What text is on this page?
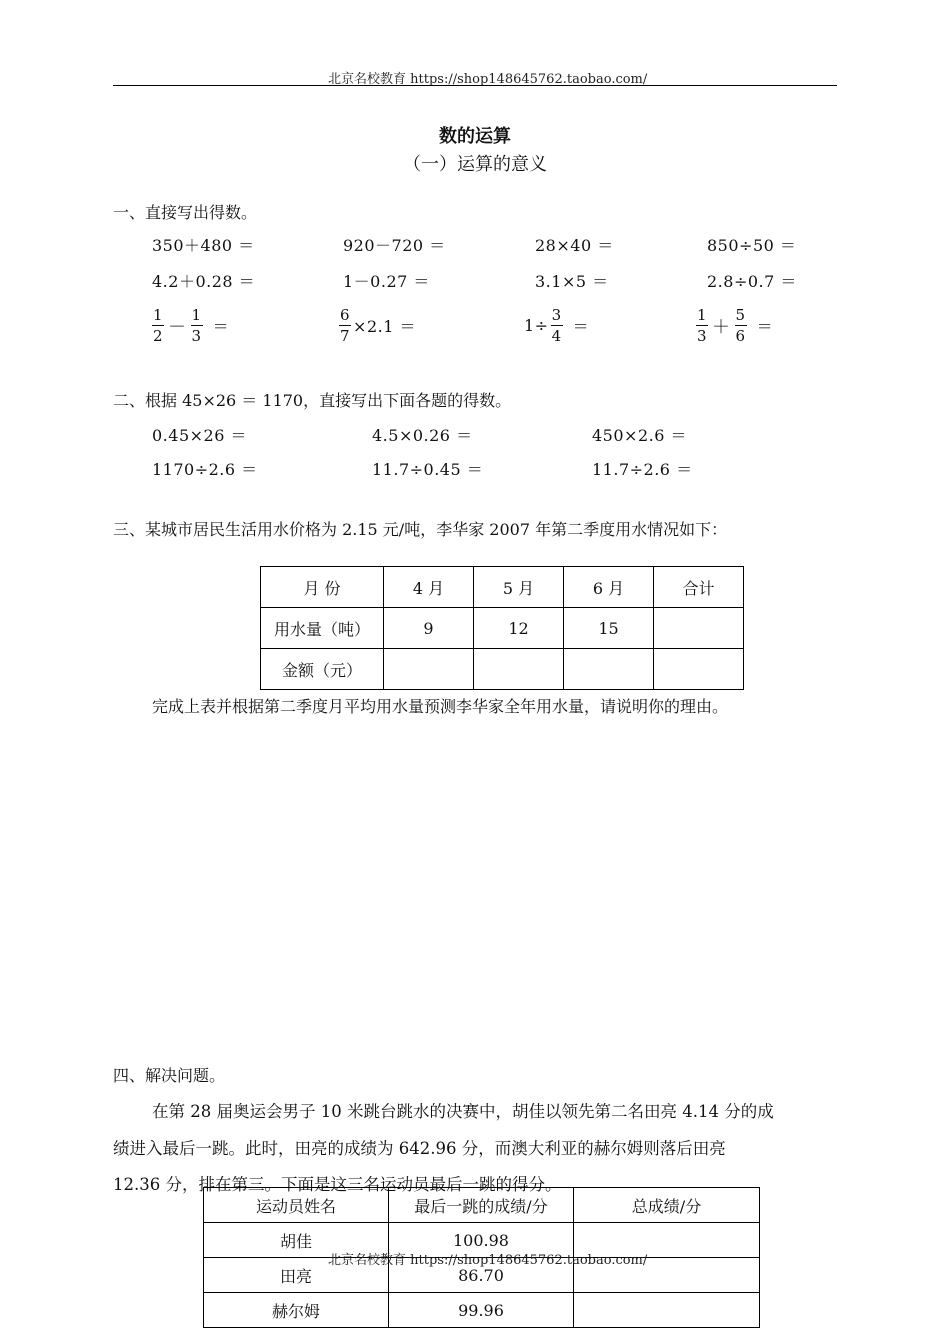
北京名校教育 https://shop148645762.taobao.com/
数的运算
（一）运算的意义
一、直接写出得数。
350＋480 ＝	920－720 ＝	28×40 ＝	850÷50 ＝
4.2＋0.28 ＝	1－0.27 ＝	3.1×5 ＝	2.8÷0.7 ＝
$\frac{1}{2} - \frac{1}{3}$ ＝	$\frac{6}{7} \times 2.1$ ＝	$1\div \frac{3}{4}$ ＝	$\frac{1}{3} + \frac{5}{6}$ ＝
二、根据 45×26 ＝ 1170，直接写出下面各题的得数。
0.45×26 ＝	4.5×0.26 ＝	450×2.6 ＝
1170÷2.6 ＝	11.7÷0.45 ＝	11.7÷2.6 ＝
三、某城市居民生活用水价格为 2.15 元/吨，李华家 2007 年第二季度用水情况如下：
月 份	4 月	5 月	6 月	合计
用水量（吨）	9	12	15	
金额（元）				
完成上表并根据第二季度月平均用水量预测李华家全年用水量，请说明你的理由。
四、解决问题。
在第 28 届奥运会男子 10 米跳台跳水的决赛中，胡佳以领先第二名田亮 4.14 分的成
绩进入最后一跳。此时，田亮的成绩为 642.96 分，而澳大利亚的赫尔姆则落后田亮
12.36 分，排在第三。下面是这三名运动员最后一跳的得分。
运动员姓名	最后一跳的成绩/分	总成绩/分
胡佳	100.98	
田亮	86.70	
赫尔姆	99.96	
北京名校教育 https://shop148645762.taobao.com/
